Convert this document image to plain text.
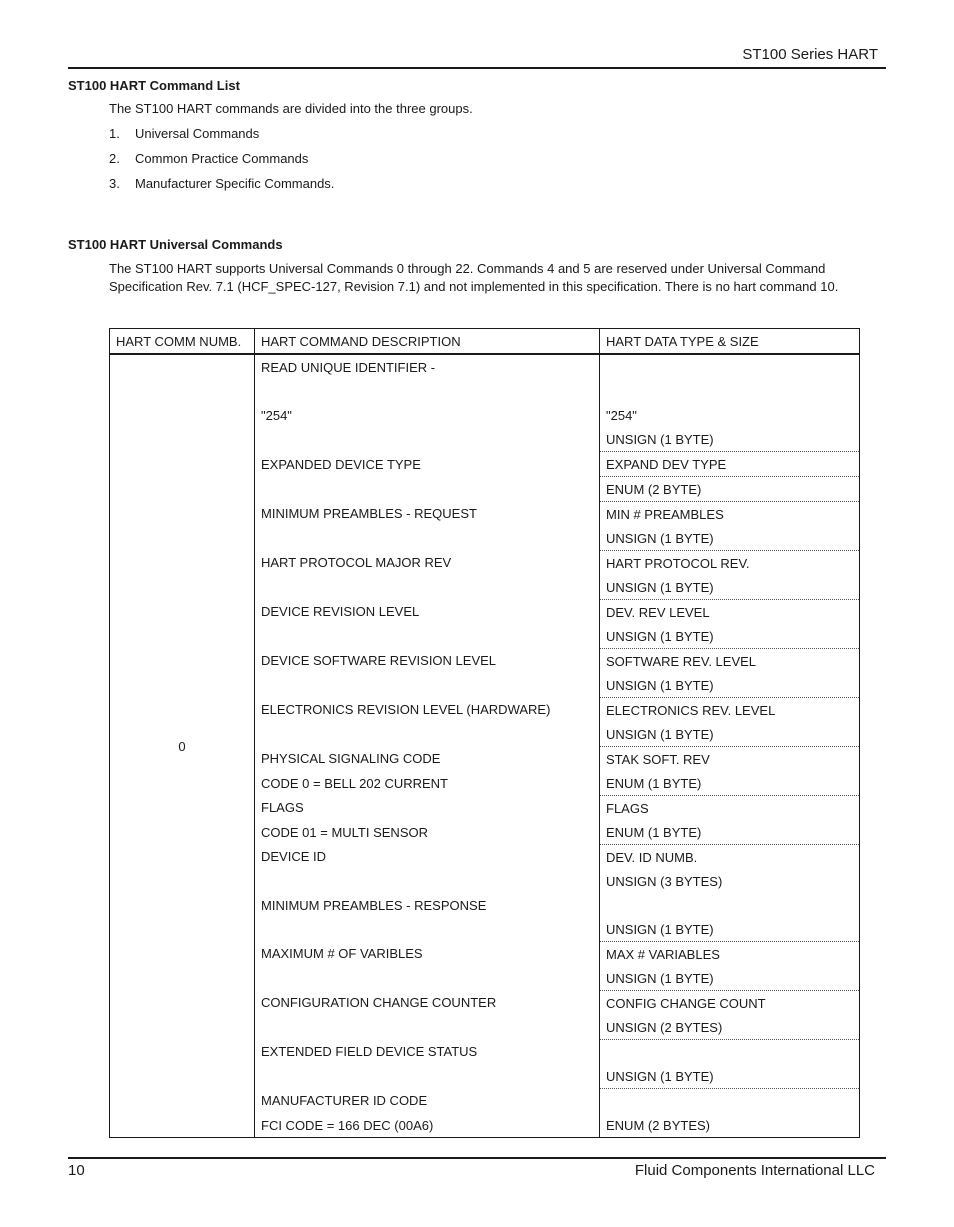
ST100 Series HART
ST100 HART Command List
The ST100 HART commands are divided into the three groups.
1. Universal Commands
2. Common Practice Commands
3. Manufacturer Specific Commands.
ST100 HART Universal Commands
The ST100 HART supports Universal Commands 0 through 22. Commands 4 and 5 are reserved under Universal Command
Specification Rev. 7.1 (HCF_SPEC-127, Revision 7.1) and not implemented in this specification. There is no hart command 10.
HART COMM NUMB.	HART COMMAND DESCRIPTION	HART DATA TYPE & SIZE
0	READ UNIQUE IDENTIFIER -	

	"254"	"254"
		UNSIGN (1 BYTE)
	EXPANDED DEVICE TYPE	EXPAND DEV TYPE
		ENUM (2 BYTE)
	MINIMUM PREAMBLES - REQUEST	MIN # PREAMBLES
		UNSIGN (1 BYTE)
	HART PROTOCOL MAJOR REV	HART PROTOCOL REV.
		UNSIGN (1 BYTE)
	DEVICE REVISION LEVEL	DEV. REV LEVEL
		UNSIGN (1 BYTE)
	DEVICE SOFTWARE REVISION LEVEL	SOFTWARE REV. LEVEL
		UNSIGN (1 BYTE)
	ELECTRONICS REVISION LEVEL (HARDWARE)	ELECTRONICS REV. LEVEL
		UNSIGN (1 BYTE)
	PHYSICAL SIGNALING CODE	STAK SOFT. REV
	CODE 0 = BELL 202 CURRENT	ENUM (1 BYTE)
	FLAGS	FLAGS
	CODE 01 = MULTI SENSOR	ENUM (1 BYTE)
	DEVICE ID	DEV. ID NUMB.
		UNSIGN (3 BYTES)
	MINIMUM PREAMBLES - RESPONSE	
		UNSIGN (1 BYTE)
	MAXIMUM # OF VARIBLES	MAX # VARIABLES
		UNSIGN (1 BYTE)
	CONFIGURATION CHANGE COUNTER	CONFIG CHANGE COUNT
		UNSIGN (2 BYTES)
	EXTENDED FIELD DEVICE STATUS	
		UNSIGN (1 BYTE)
	MANUFACTURER ID CODE	
	FCI CODE = 166 DEC (00A6)	ENUM (2 BYTES)
10	Fluid Components International LLC
